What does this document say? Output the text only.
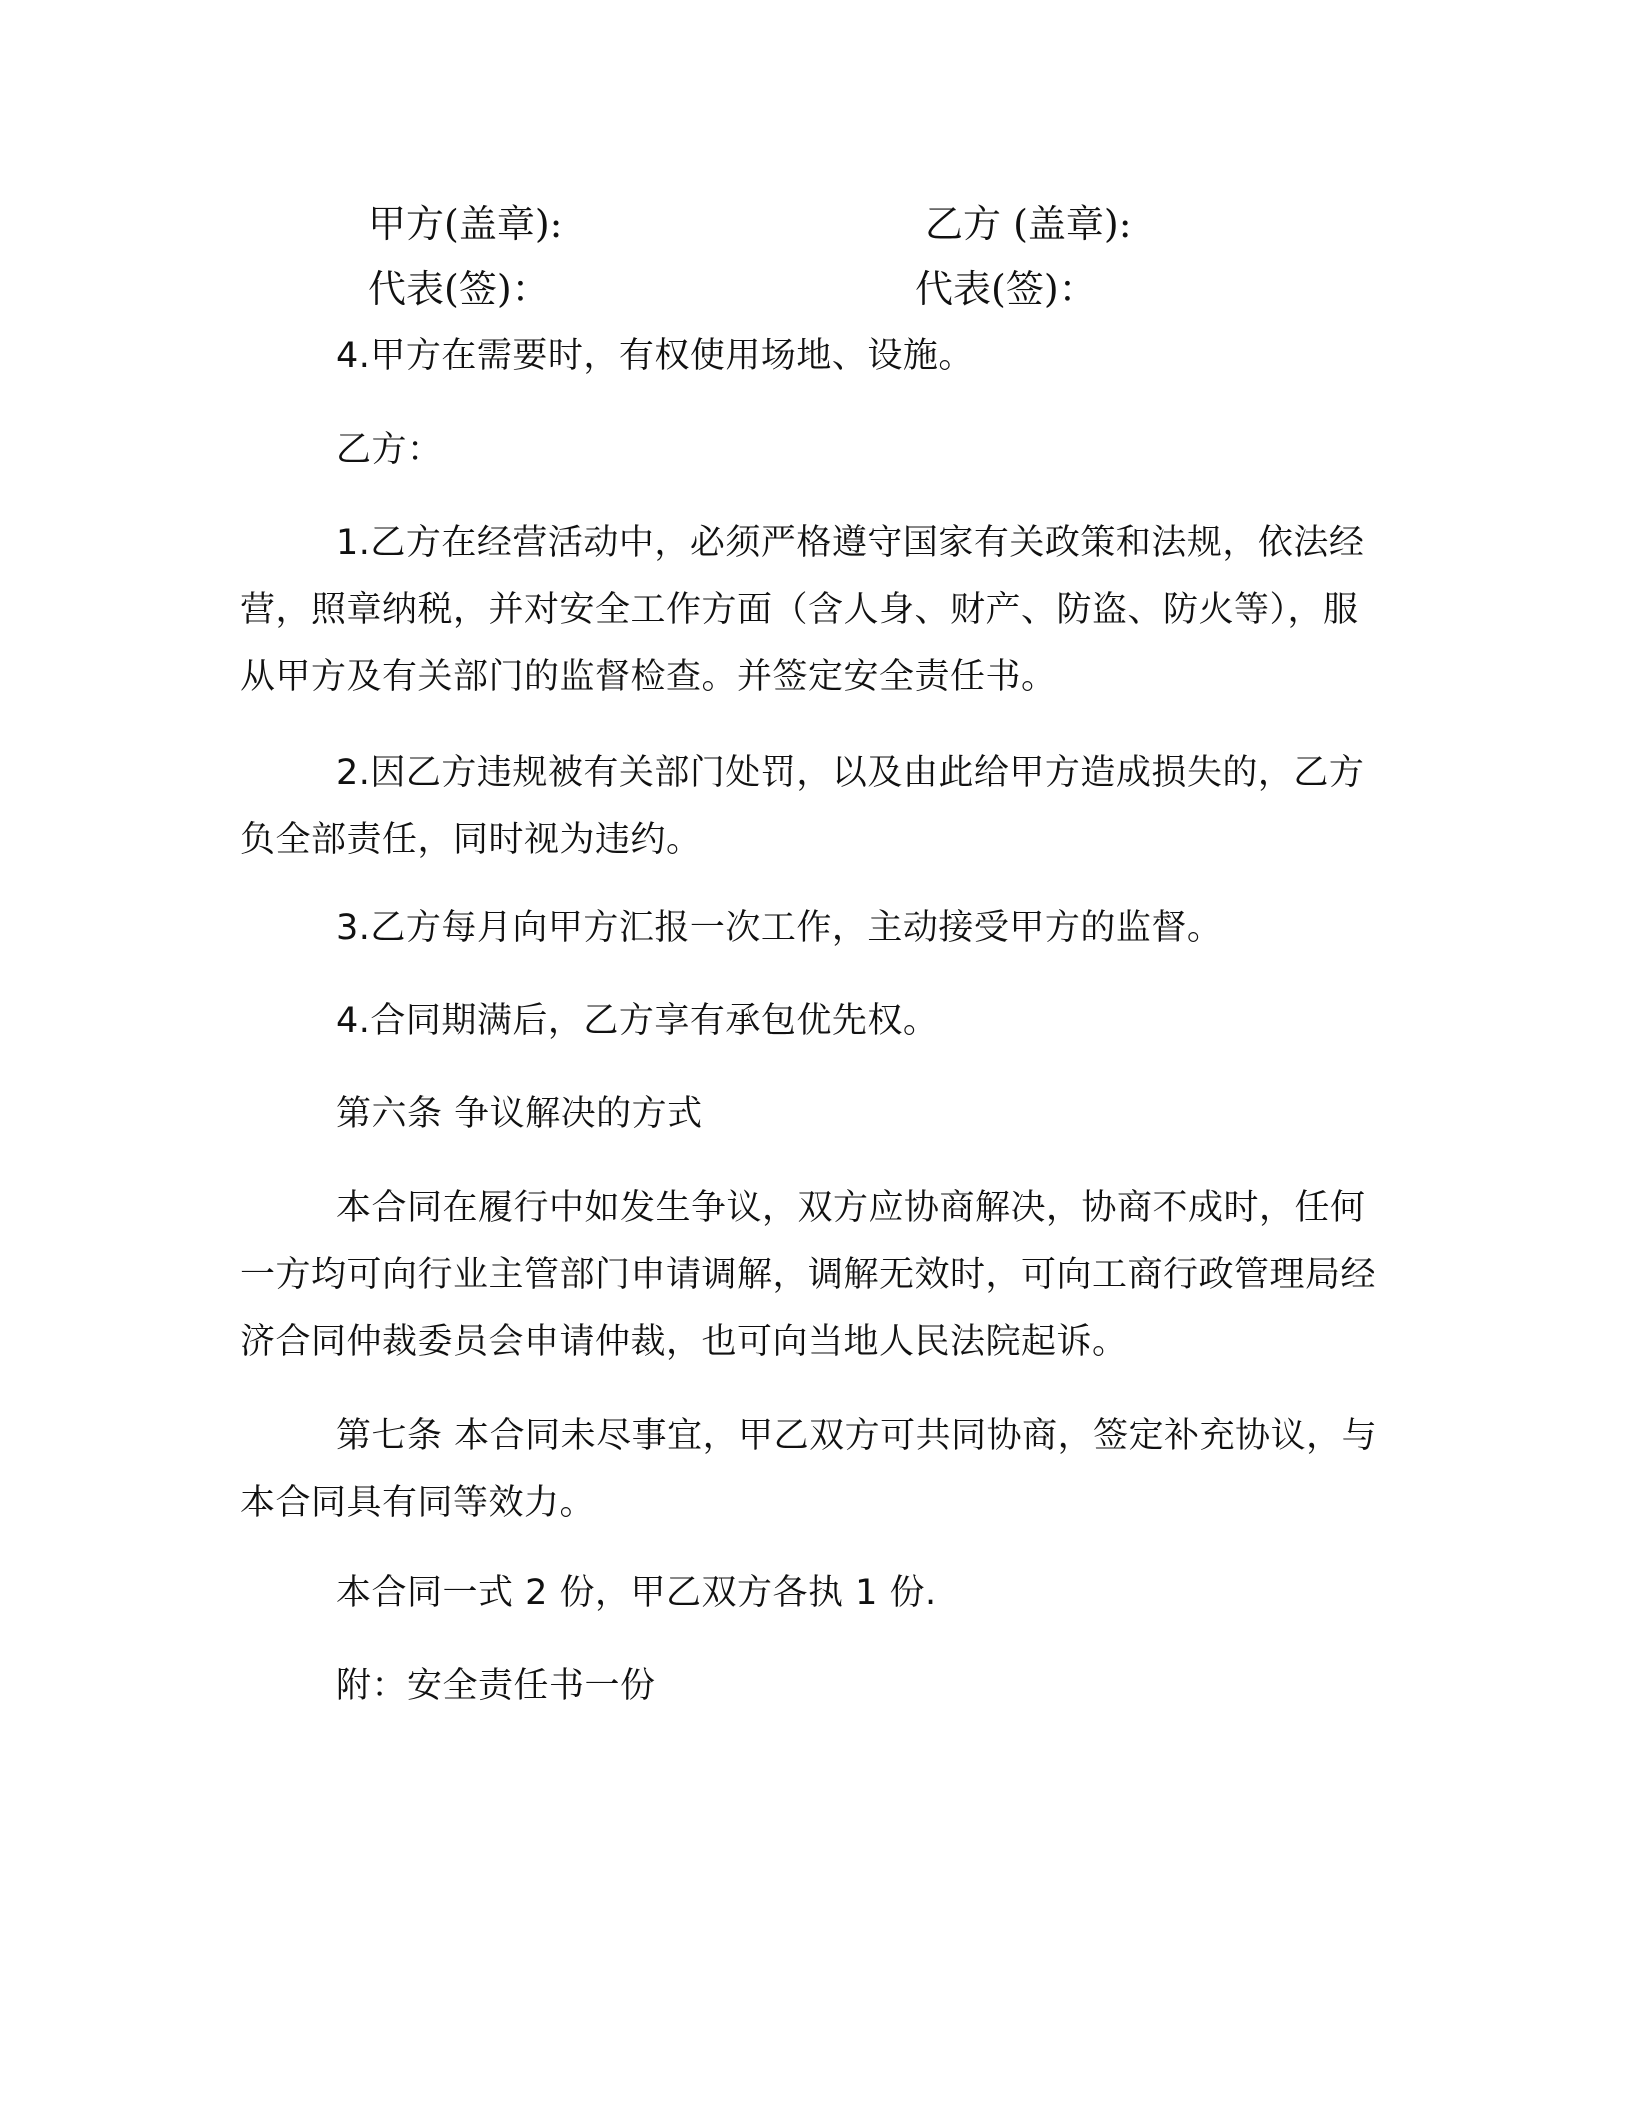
甲方(盖章):	乙方 (盖章):
代表(签)：	代表(签)：
4.甲方在需要时，有权使用场地、设施。
乙方：
1.乙方在经营活动中，必须严格遵守国家有关政策和法规，依法经营，照章纳税，并对安全工作方面（含人身、财产、防盗、防火等），服从甲方及有关部门的监督检查。并签定安全责任书。
2.因乙方违规被有关部门处罚，以及由此给甲方造成损失的，乙方负全部责任，同时视为违约。
3.乙方每月向甲方汇报一次工作，主动接受甲方的监督。
4.合同期满后，乙方享有承包优先权。
第六条 争议解决的方式
本合同在履行中如发生争议，双方应协商解决，协商不成时，任何一方均可向行业主管部门申请调解，调解无效时，可向工商行政管理局经济合同仲裁委员会申请仲裁，也可向当地人民法院起诉。
第七条 本合同未尽事宜，甲乙双方可共同协商，签定补充协议，与本合同具有同等效力。
本合同一式 2 份，甲乙双方各执 1 份.
附：安全责任书一份
